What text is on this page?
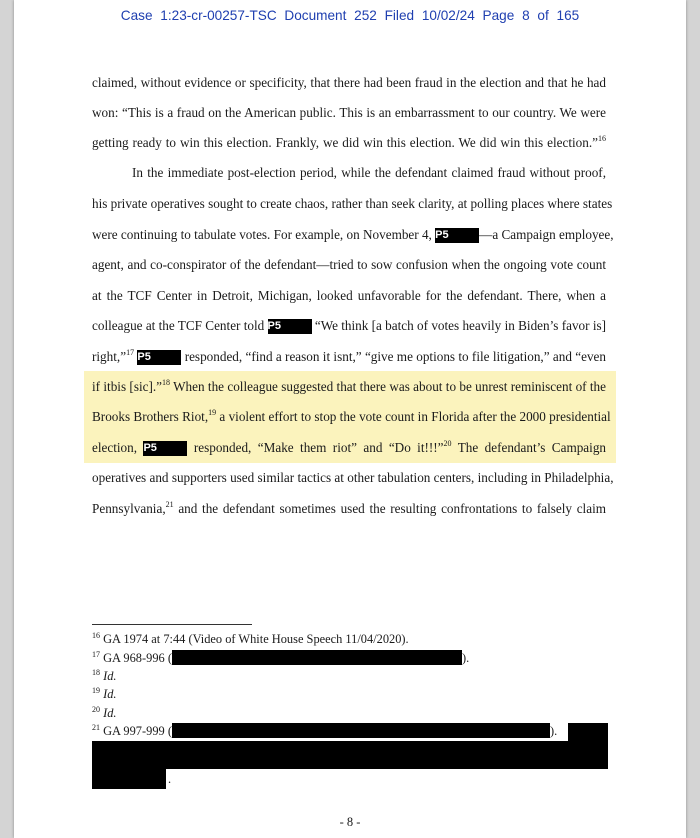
Case 1:23-cr-00257-TSC Document 252 Filed 10/02/24 Page 8 of 165
claimed, without evidence or specificity, that there had been fraud in the election and that he had
won: “This is a fraud on the American public. This is an embarrassment to our country. We were
getting ready to win this election. Frankly, we did win this election. We did win this election.”$^{16}$
In the immediate post-election period, while the defendant claimed fraud without proof,
his private operatives sought to create chaos, rather than seek clarity, at polling places where states
were continuing to tabulate votes. For example, on November 4, P5 —a Campaign employee,
agent, and co-conspirator of the defendant—tried to sow confusion when the ongoing vote count
at the TCF Center in Detroit, Michigan, looked unfavorable for the defendant. There, when a
colleague at the TCF Center told P5	“We think [a batch of votes heavily in Biden’s favor is]
right,”$^{17}$ P5	responded, “find a reason it isnt,” “give me options to file litigation,” and “even
if itbis [sic].”$^{18}$ When the colleague suggested that there was about to be unrest reminiscent of the
Brooks Brothers Riot,$^{19}$ a violent effort to stop the vote count in Florida after the 2000 presidential
election, P5	responded, “Make them riot” and “Do it!!!”$^{20}$ The defendant’s Campaign
operatives and supporters used similar tactics at other tabulation centers, including in Philadelphia,
Pennsylvania,$^{21}$ and the defendant sometimes used the resulting confrontations to falsely claim
$^{16}$ GA 1974 at 7:44 (Video of White House Speech 11/04/2020).
$^{17}$ GA 968-996 (	).
$^{18}$ Id.
$^{19}$ Id.
$^{20}$ Id.
$^{21}$ GA 997-999 (	).
.
- 8 -
